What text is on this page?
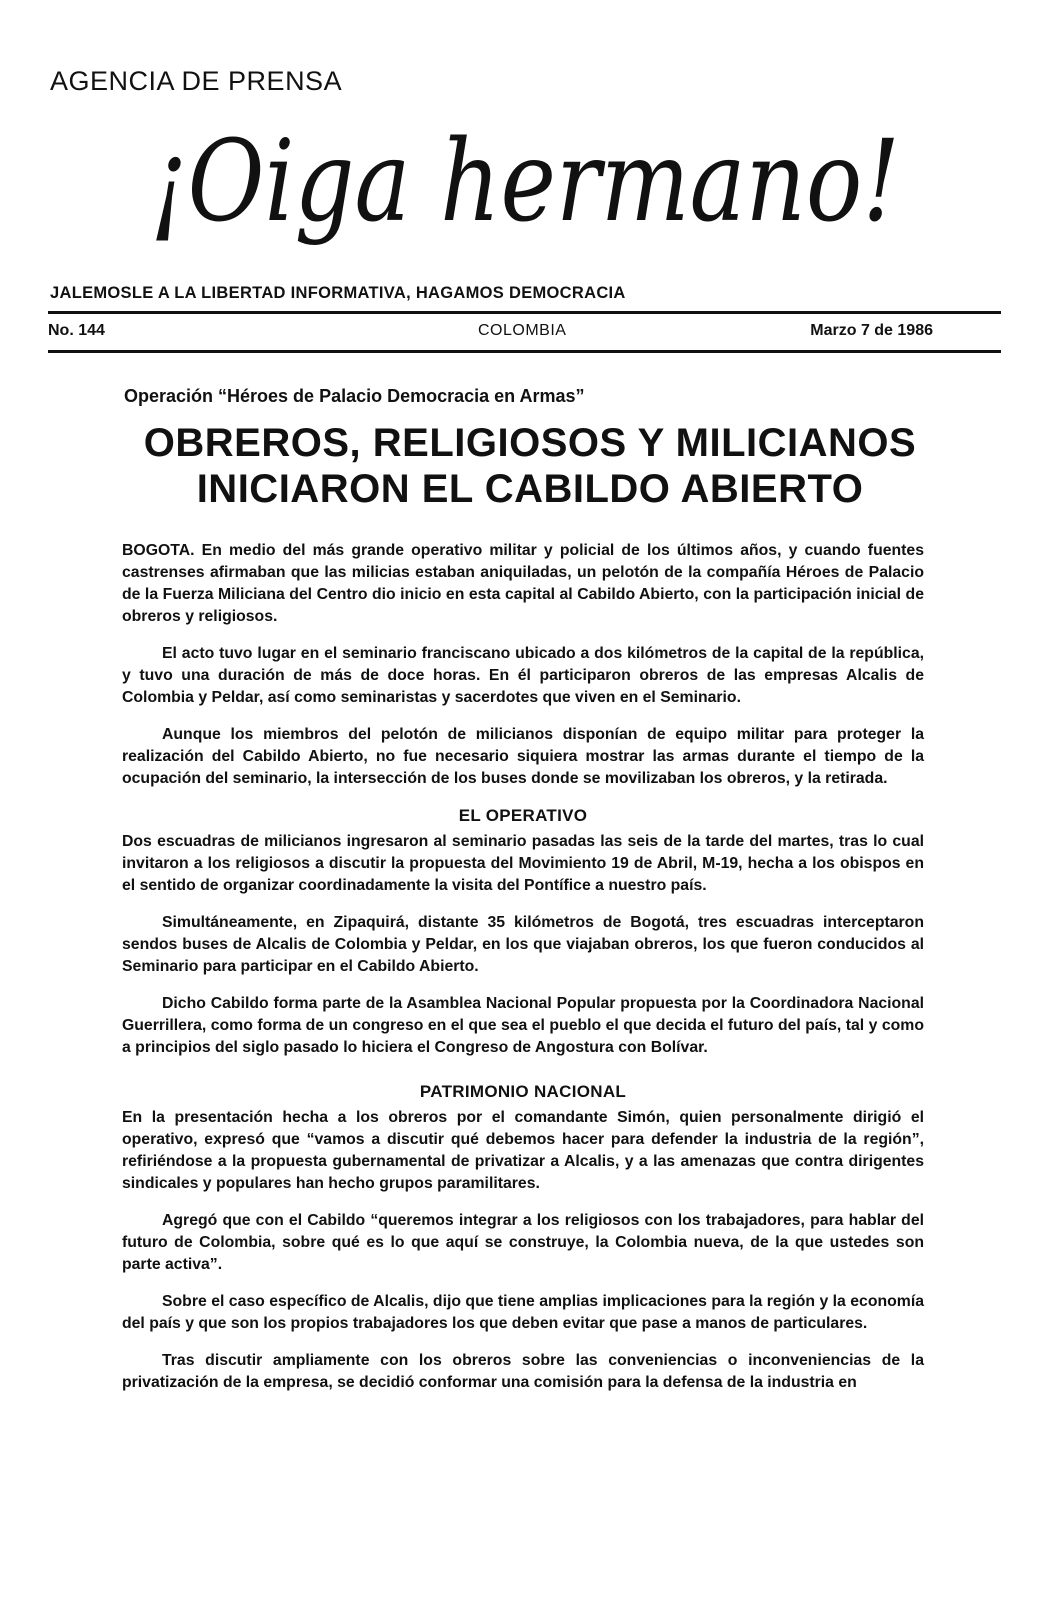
AGENCIA DE PRENSA
¡Oiga hermano!
JALEMOSLE A LA LIBERTAD INFORMATIVA, HAGAMOS DEMOCRACIA
No. 144	COLOMBIA	Marzo 7 de 1986
Operación “Héroes de Palacio Democracia en Armas”
OBREROS, RELIGIOSOS Y MILICIANOS
INICIARON EL CABILDO ABIERTO

BOGOTA. En medio del más grande operativo militar y policial de los últimos años, y cuando fuentes castrenses afirmaban que las milicias estaban aniquiladas, un pelotón de la compañía Héroes de Palacio de la Fuerza Miliciana del Centro dio inicio en esta capital al Cabildo Abierto, con la participación inicial de obreros y religiosos.

El acto tuvo lugar en el seminario franciscano ubicado a dos kilómetros de la capital de la república, y tuvo una duración de más de doce horas. En él participaron obreros de las empresas Alcalis de Colombia y Peldar, así como seminaristas y sacerdotes que viven en el Seminario.

Aunque los miembros del pelotón de milicianos disponían de equipo militar para proteger la realización del Cabildo Abierto, no fue necesario siquiera mostrar las armas durante el tiempo de la ocupación del seminario, la intersección de los buses donde se movilizaban los obreros, y la retirada.

EL OPERATIVO

Dos escuadras de milicianos ingresaron al seminario pasadas las seis de la tarde del martes, tras lo cual invitaron a los religiosos a discutir la propuesta del Movimiento 19 de Abril, M-19, hecha a los obispos en el sentido de organizar coordinadamente la visita del Pontífice a nuestro país.

Simultáneamente, en Zipaquirá, distante 35 kilómetros de Bogotá, tres escuadras interceptaron sendos buses de Alcalis de Colombia y Peldar, en los que viajaban obreros, los que fueron conducidos al Seminario para participar en el Cabildo Abierto.

Dicho Cabildo forma parte de la Asamblea Nacional Popular propuesta por la Coordinadora Nacional Guerrillera, como forma de un congreso en el que sea el pueblo el que decida el futuro del país, tal y como a principios del siglo pasado lo hiciera el Congreso de Angostura con Bolívar.

PATRIMONIO NACIONAL

En la presentación hecha a los obreros por el comandante Simón, quien personalmente dirigió el operativo, expresó que “vamos a discutir qué debemos hacer para defender la industria de la región”, refiriéndose a la propuesta gubernamental de privatizar a Alcalis, y a las amenazas que contra dirigentes sindicales y populares han hecho grupos paramilitares.

Agregó que con el Cabildo “queremos integrar a los religiosos con los trabajadores, para hablar del futuro de Colombia, sobre qué es lo que aquí se construye, la Colombia nueva, de la que ustedes son parte activa”.

Sobre el caso específico de Alcalis, dijo que tiene amplias implicaciones para la región y la economía del país y que son los propios trabajadores los que deben evitar que pase a manos de particulares.

Tras discutir ampliamente con los obreros sobre las conveniencias o inconveniencias de la privatización de la empresa, se decidió conformar una comisión para la defensa de la industria en
